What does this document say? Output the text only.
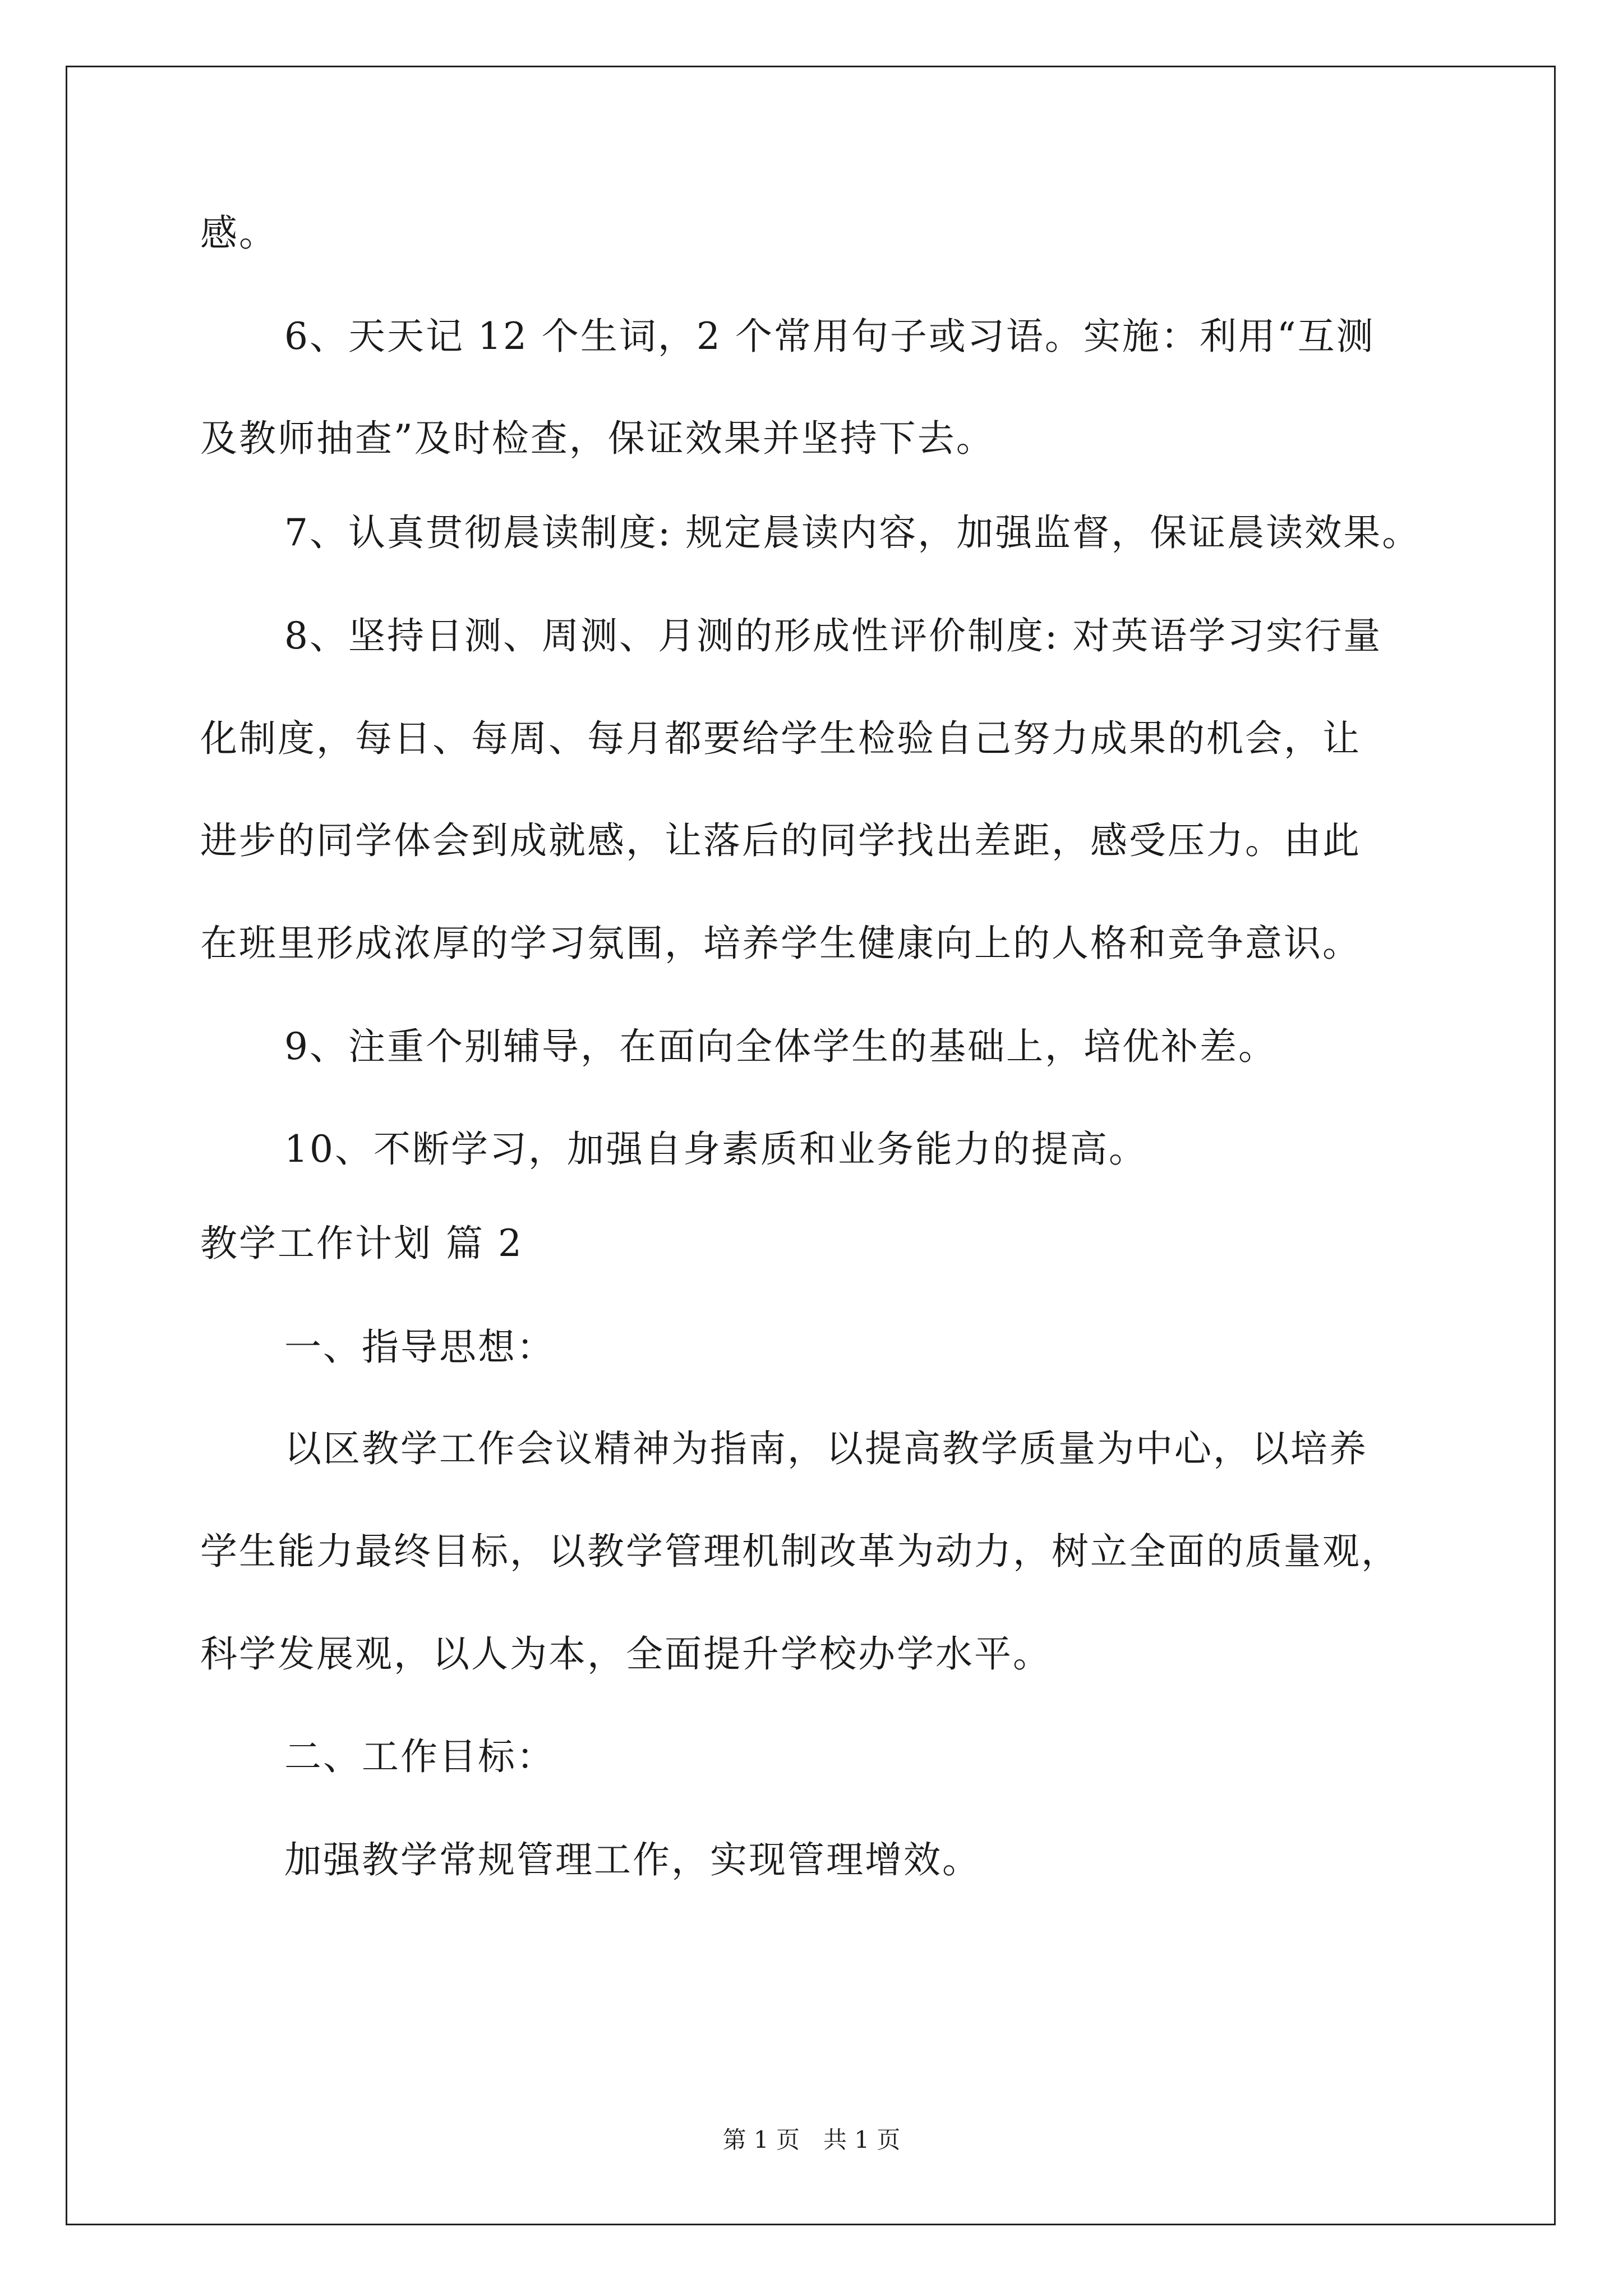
感。
6、天天记 12 个生词，2 个常用句子或习语。实施：利用“互测
及教师抽查”及时检查，保证效果并坚持下去。
7、认真贯彻晨读制度: 规定晨读内容，加强监督，保证晨读效果。
8、坚持日测、周测、月测的形成性评价制度: 对英语学习实行量
化制度，每日、每周、每月都要给学生检验自己努力成果的机会，让
进步的同学体会到成就感，让落后的同学找出差距，感受压力。由此
在班里形成浓厚的学习氛围，培养学生健康向上的人格和竞争意识。
9、注重个别辅导，在面向全体学生的基础上，培优补差。
10、不断学习，加强自身素质和业务能力的提高。
教学工作计划 篇 2
一、指导思想：
以区教学工作会议精神为指南，以提高教学质量为中心，以培养
学生能力最终目标，以教学管理机制改革为动力，树立全面的质量观，
科学发展观，以人为本，全面提升学校办学水平。
二、工作目标：
加强教学常规管理工作，实现管理增效。
第 1 页　共 1 页
